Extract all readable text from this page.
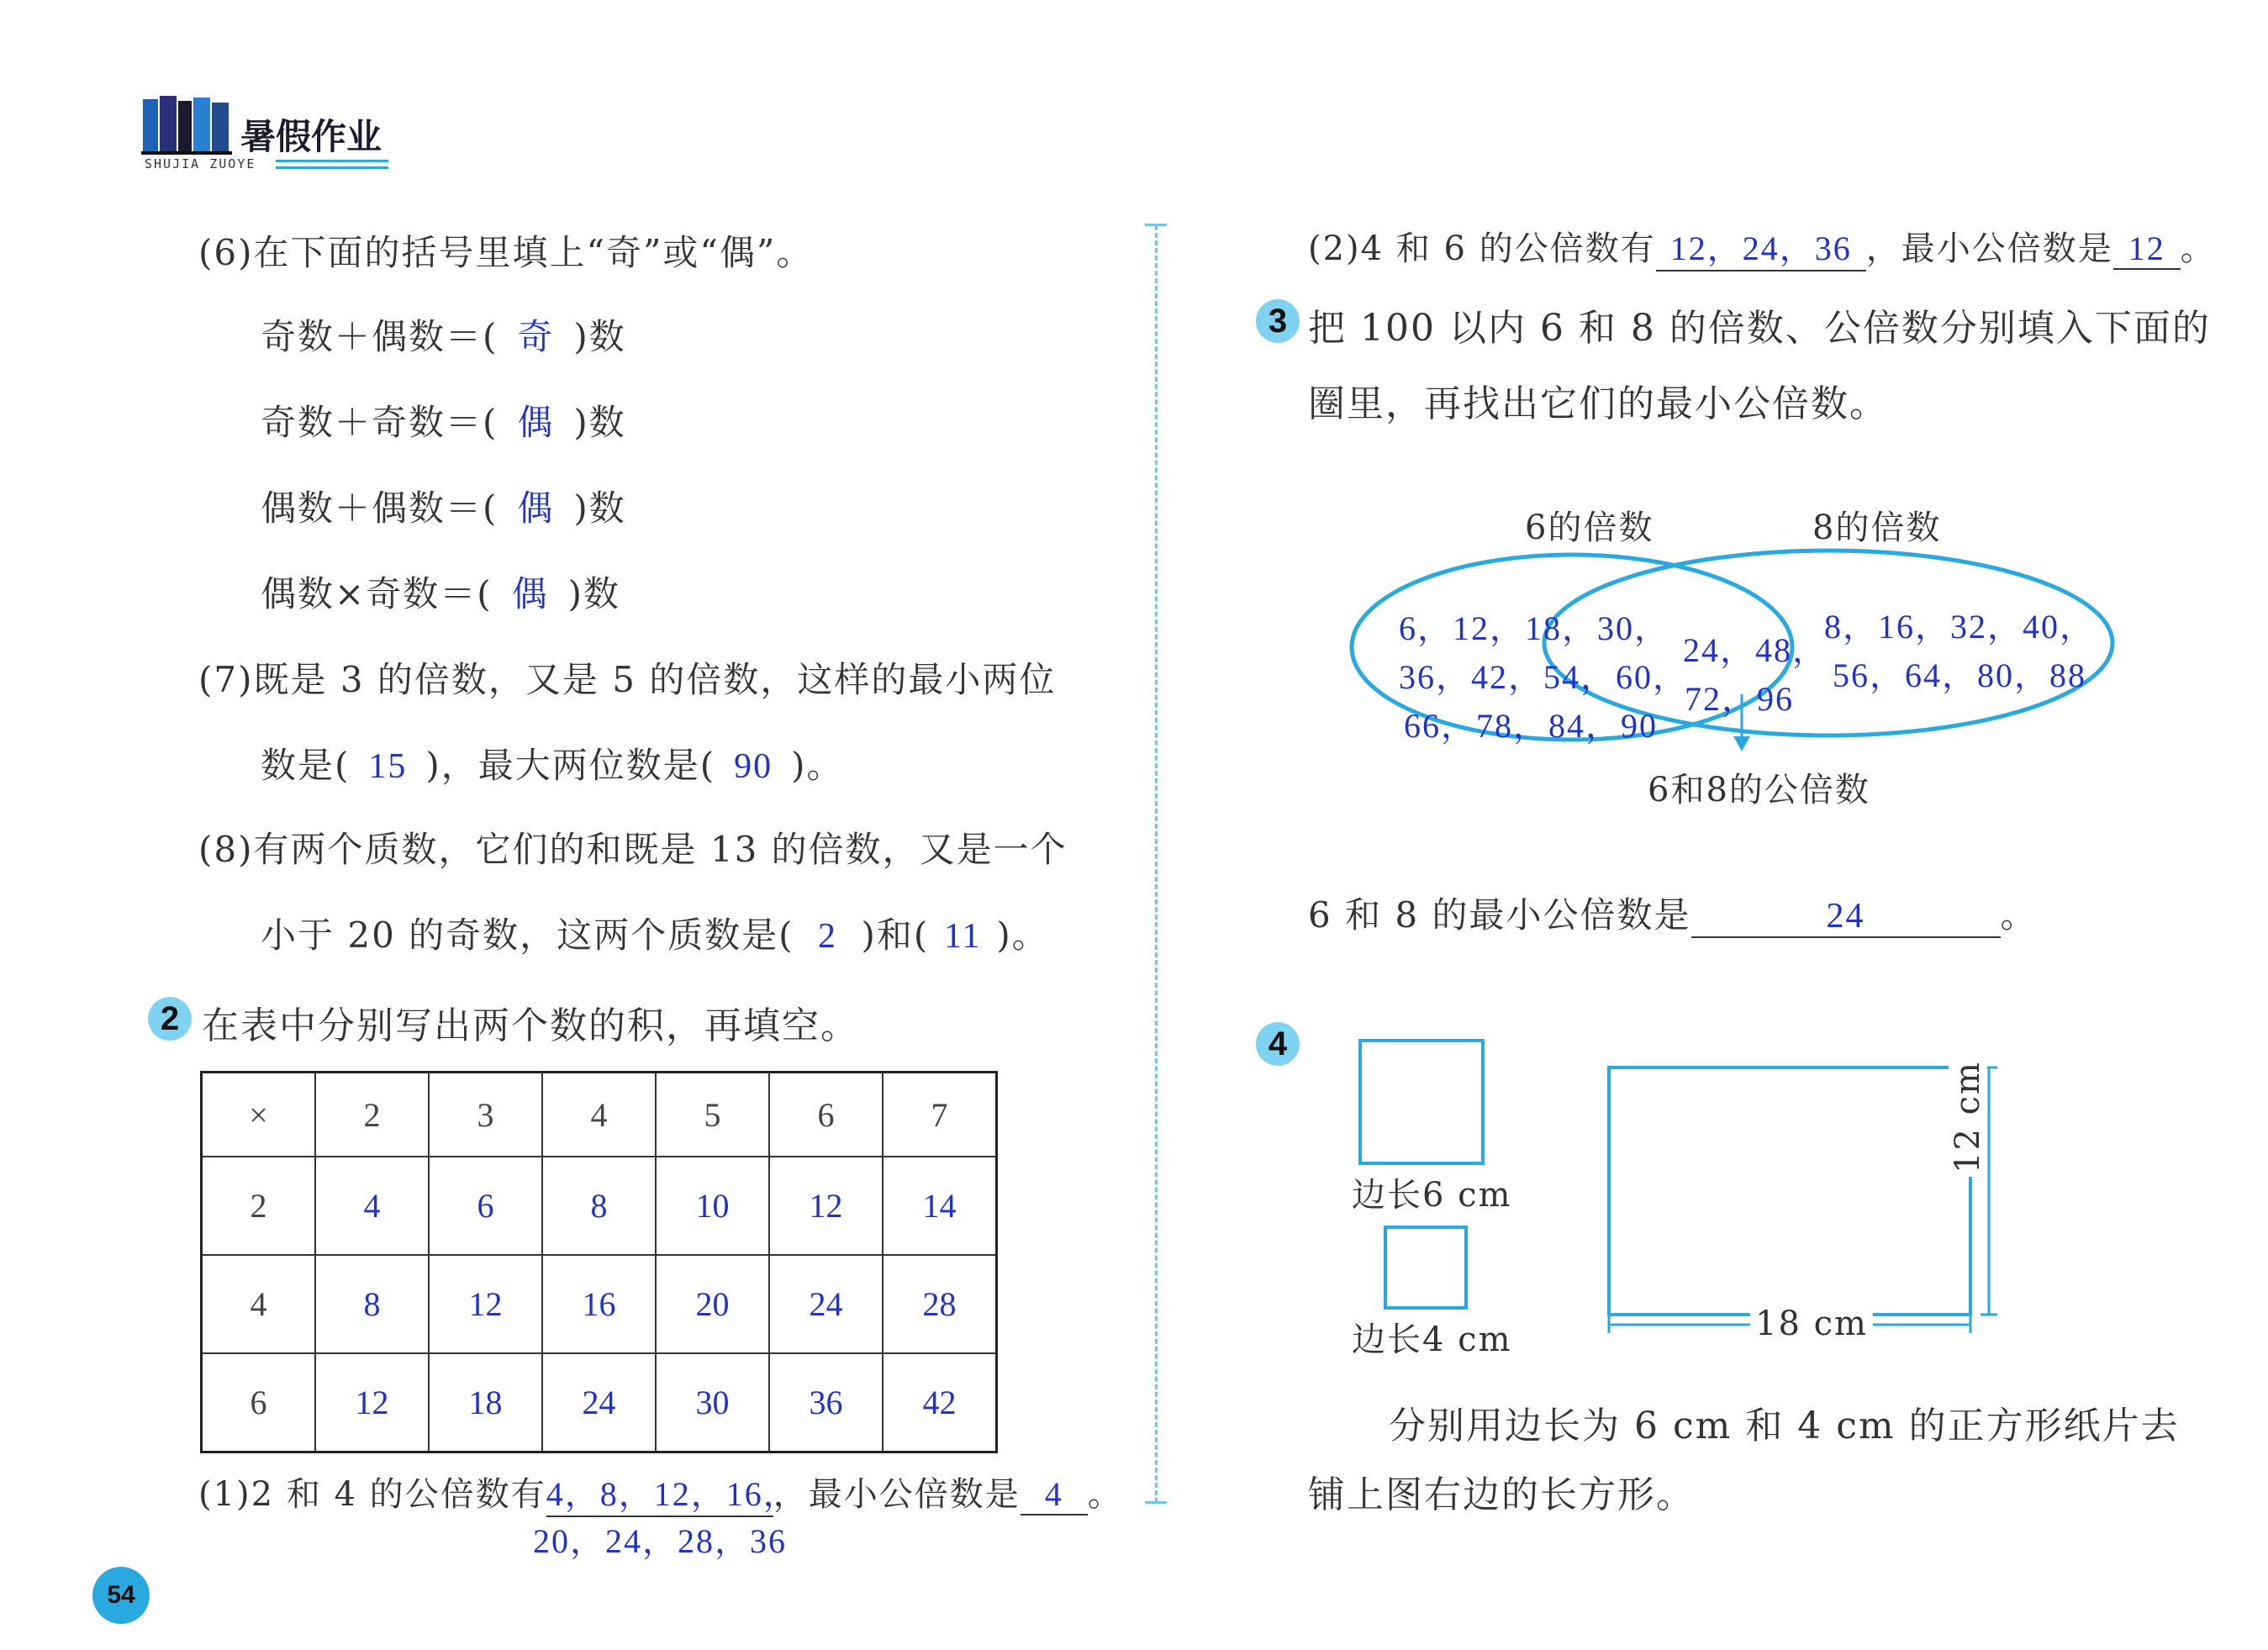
暑假作业
SHUJIA ZUOYE
(6)在下面的括号里填上“奇”或“偶”。
奇数＋偶数＝( 奇 )数
奇数＋奇数＝( 偶 )数
偶数＋偶数＝( 偶 )数
偶数×奇数＝( 偶 )数
(7)既是 3 的倍数，又是 5 的倍数，这样的最小两位
数是( 15 )，最大两位数是( 90 )。
(8)有两个质数，它们的和既是 13 的倍数，又是一个
小于 20 的奇数，这两个质数是( 2 )和( 11 )。
2 在表中分别写出两个数的积，再填空。
×	2	3	4	5	6	7
2	4	6	8	10	12	14
4	8	12	16	20	24	28
6	12	18	24	30	36	42
(1)2 和 4 的公倍数有4，8，12，16，，最小公倍数是 4 。
20，24，28，36
54
(2)4 和 6 的公倍数有 12，24，36 ，最小公倍数是 12 。
3 把 100 以内 6 和 8 的倍数、公倍数分别填入下面的
圈里，再找出它们的最小公倍数。
6的倍数	8的倍数
6，12，18，30，
36，42，54，60，
66，78，84，90
24，48，
72，96
8，16，32，40，
56，64，80，88
6和8的公倍数
6 和 8 的最小公倍数是	24	。
4
边长6 cm
边长4 cm
12 cm
18 cm
分别用边长为 6 cm 和 4 cm 的正方形纸片去
铺上图右边的长方形。
